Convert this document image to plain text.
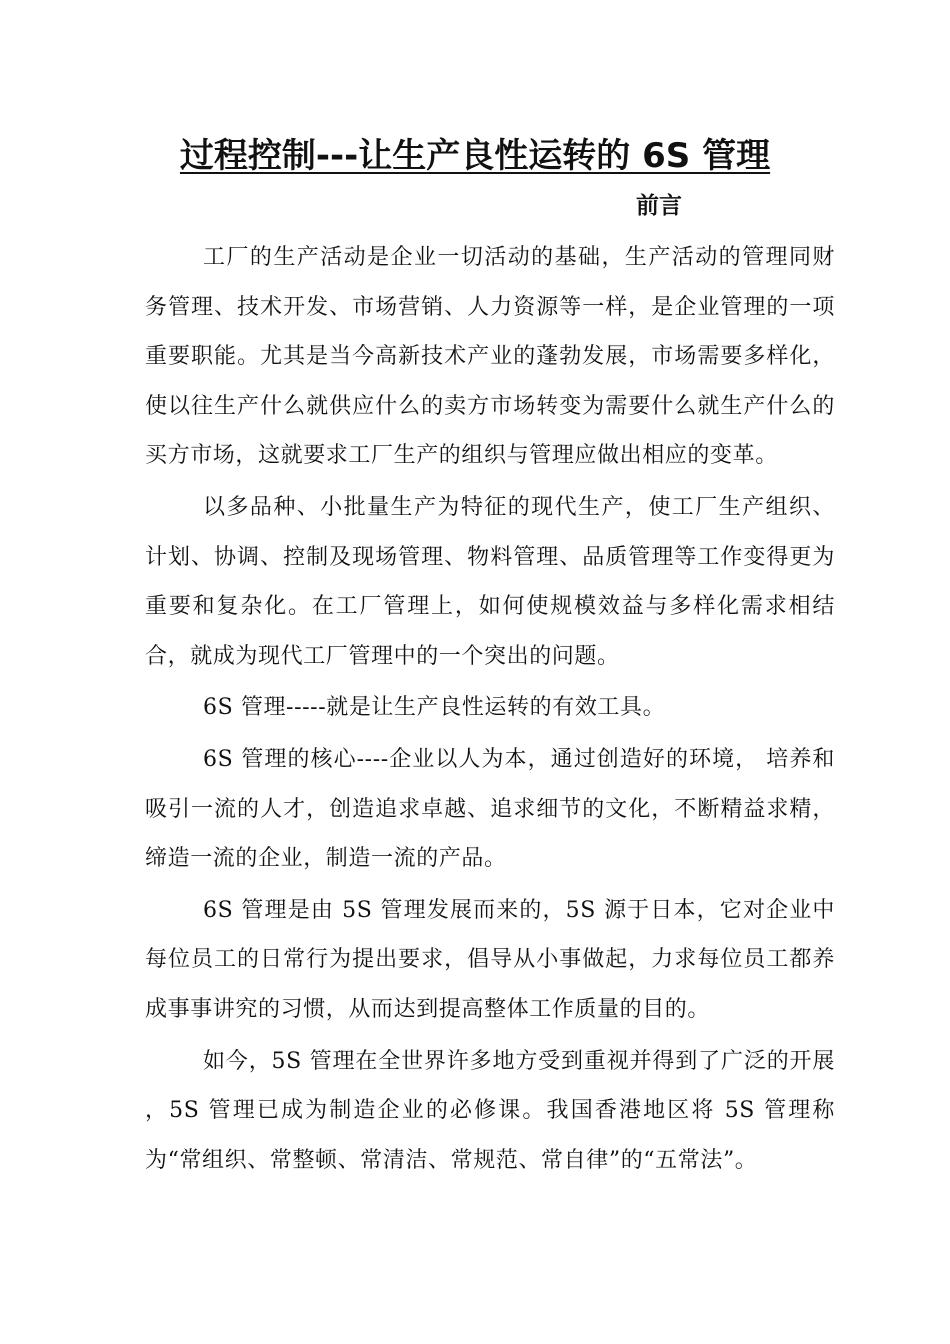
过程控制---让生产良性运转的 6S 管理
前言

工厂的生产活动是企业一切活动的基础，生产活动的管理同财务管理、技术开发、市场营销、人力资源等一样，是企业管理的一项重要职能。尤其是当今高新技术产业的蓬勃发展，市场需要多样化，使以往生产什么就供应什么的卖方市场转变为需要什么就生产什么的买方市场，这就要求工厂生产的组织与管理应做出相应的变革。

以多品种、小批量生产为特征的现代生产，使工厂生产组织、计划、协调、控制及现场管理、物料管理、品质管理等工作变得更为重要和复杂化。在工厂管理上，如何使规模效益与多样化需求相结合，就成为现代工厂管理中的一个突出的问题。

6S 管理-----就是让生产良性运转的有效工具。

6S 管理的核心----企业以人为本，通过创造好的环境， 培养和吸引一流的人才，创造追求卓越、追求细节的文化，不断精益求精，缔造一流的企业，制造一流的产品。

6S 管理是由 5S 管理发展而来的，5S 源于日本，它对企业中每位员工的日常行为提出要求，倡导从小事做起，力求每位员工都养成事事讲究的习惯，从而达到提高整体工作质量的目的。

如今，5S 管理在全世界许多地方受到重视并得到了广泛的开展 ，5S 管理已成为制造企业的必修课。我国香港地区将 5S 管理称为“常组织、常整顿、常清洁、常规范、常自律”的“五常法”。
